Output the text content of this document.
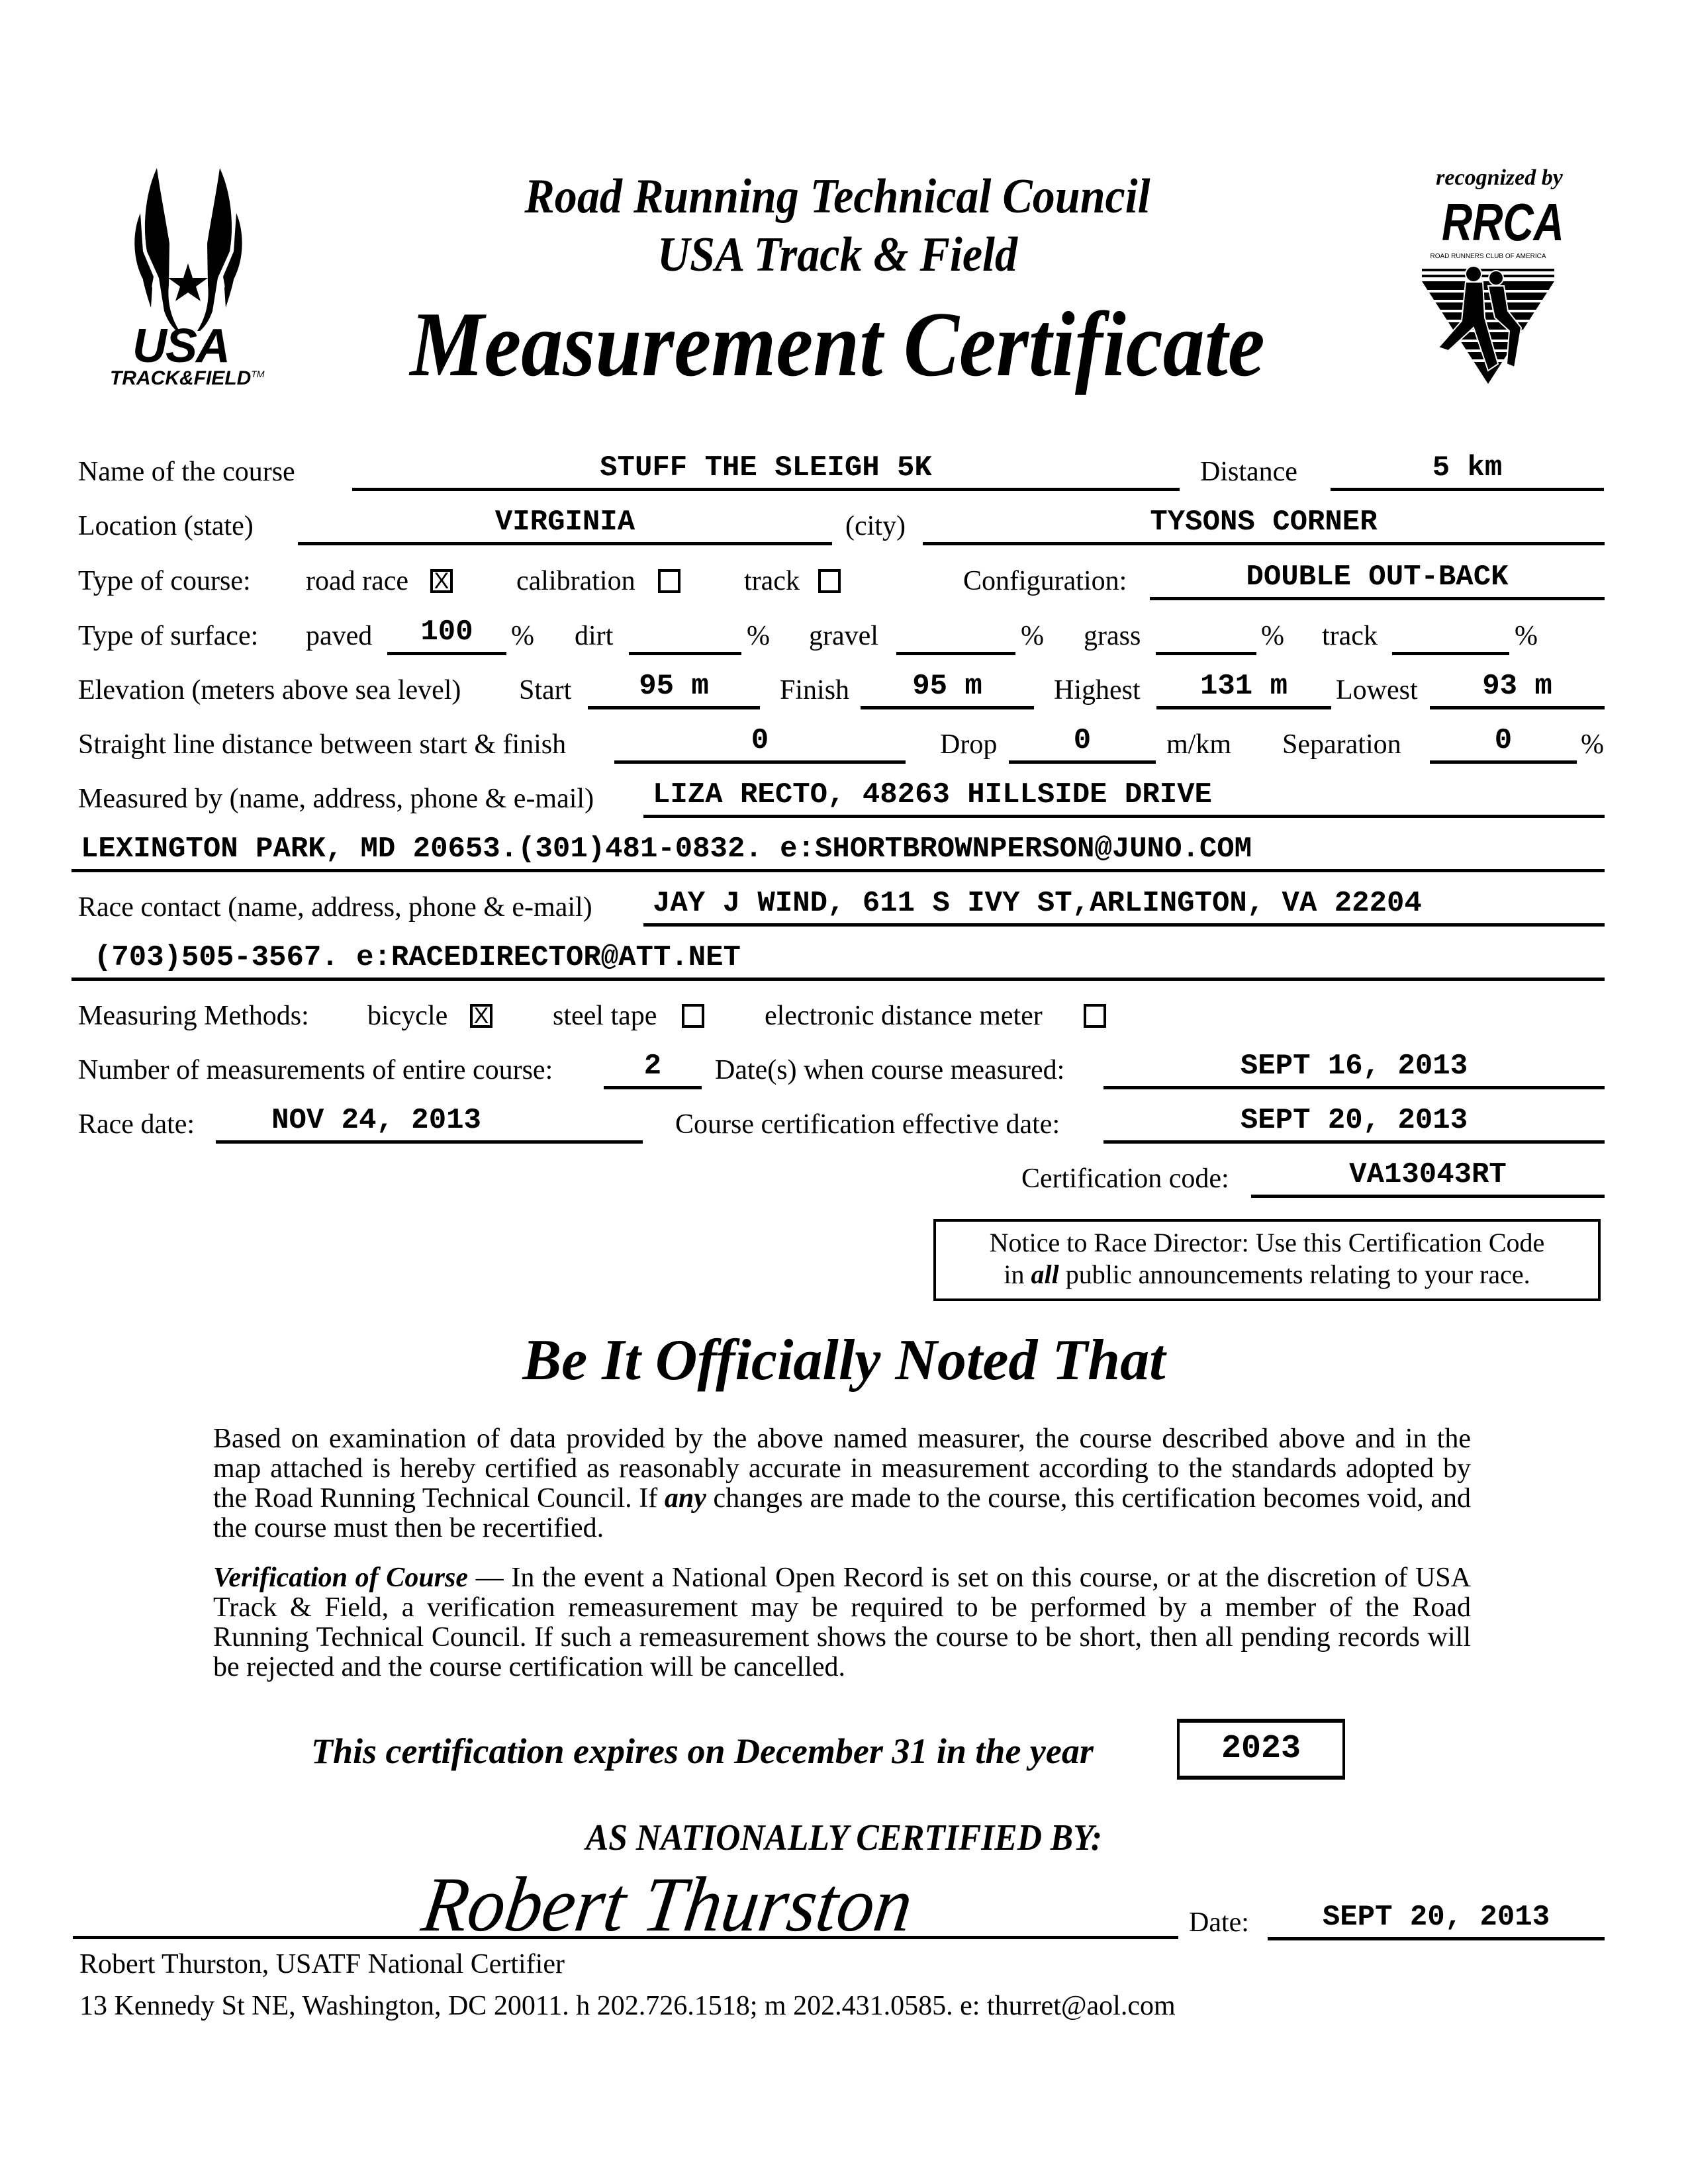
USA
TRACK&FIELD™
Road Running Technical Council
USA Track & Field
Measurement Certificate
recognized by
RRCA
ROAD RUNNERS CLUB OF AMERICA
Name of the course	STUFF THE SLEIGH 5K	Distance	5 km
Location (state)	VIRGINIA	(city)	TYSONS CORNER
Type of course: road race X calibration	track	Configuration:	DOUBLE OUT-BACK
Type of surface: paved	100	% dirt	% gravel	% grass	% track	%
Elevation (meters above sea level) Start	95 m	Finish	95 m	Highest	131 m	Lowest	93 m
Straight line distance between start & finish	0	Drop	0	m/km Separation	0	%
Measured by (name, address, phone & e-mail)	LIZA RECTO, 48263 HILLSIDE DRIVE
LEXINGTON PARK, MD 20653.(301)481-0832. e:SHORTBROWNPERSON@JUNO.COM
Race contact (name, address, phone & e-mail)	JAY J WIND, 611 S IVY ST,ARLINGTON, VA 22204
(703)505-3567. e:RACEDIRECTOR@ATT.NET
Measuring Methods: bicycle X steel tape	electronic distance meter
Number of measurements of entire course:	2	Date(s) when course measured:	SEPT 16, 2013
Race date:	NOV 24, 2013	Course certification effective date:	SEPT 20, 2013
Certification code:	VA13043RT
Notice to Race Director: Use this Certification Code
in all public announcements relating to your race.
Be It Officially Noted That
Based on examination of data provided by the above named measurer, the course described above and in the map attached is hereby certified as reasonably accurate in measurement according to the standards adopted by the Road Running Technical Council. If any changes are made to the course, this certification becomes void, and the course must then be recertified.
Verification of Course — In the event a National Open Record is set on this course, or at the discretion of USA Track & Field, a verification remeasurement may be required to be performed by a member of the Road Running Technical Council. If such a remeasurement shows the course to be short, then all pending records will be rejected and the course certification will be cancelled.
This certification expires on December 31 in the year	2023
AS NATIONALLY CERTIFIED BY:
Robert Thurston	Date:	SEPT 20, 2013
Robert Thurston, USATF National Certifier
13 Kennedy St NE, Washington, DC 20011. h 202.726.1518; m 202.431.0585. e: thurret@aol.com
